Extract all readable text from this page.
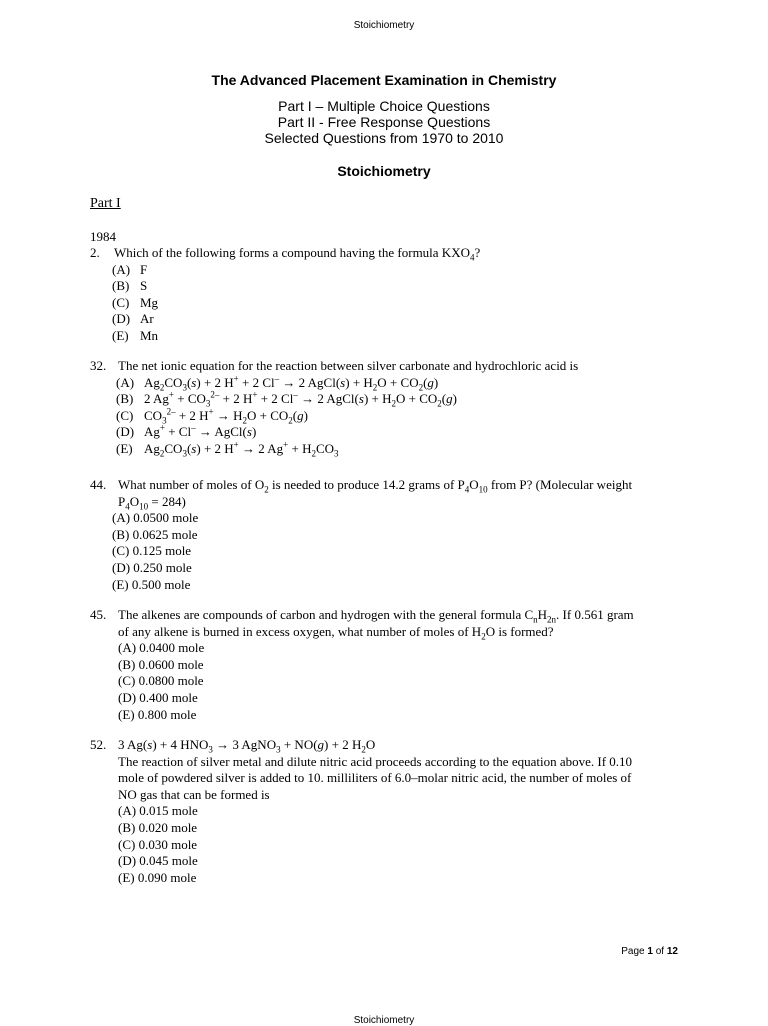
Stoichiometry
The Advanced Placement Examination in Chemistry
Part I – Multiple Choice Questions
Part II - Free Response Questions
Selected Questions from 1970 to 2010
Stoichiometry
Part I
1984
2. Which of the following forms a compound having the formula $KXO_4$?
(A) F
(B) S
(C) Mg
(D) Ar
(E) Mn
32. The net ionic equation for the reaction between silver carbonate and hydrochloric acid is
(A) $Ag_2CO_3(s) + 2$ H+ + 2 Cl– → 2 AgCl(s) + $H_2O + CO_2(g)$
(B) 2 $Ag^+ + CO_3^{2-} + 2$ H+ + 2 Cl– → 2 AgCl(s) + $H_2O + CO_2(g)$
(C) $CO_3^{2-} + 2$ $H^+ \to H_2O + CO_2(g)$
(D) Ag+ + Cl– → AgCl(s)
(E) $Ag_2CO_3(s) + 2$ H+ → 2 $Ag^+ + H_2CO_3$
44. What number of moles of $O_2$ is needed to produce 14.2 grams of $P_4O_{10}$ from P? (Molecular weight
$P_4O_{10} = 284$)
(A) 0.0500 mole
(B) 0.0625 mole
(C) 0.125 mole
(D) 0.250 mole
(E) 0.500 mole
45. The alkenes are compounds of carbon and hydrogen with the general formula $C_nH_{2n}$. If 0.561 gram
of any alkene is burned in excess oxygen, what number of moles of $H_2O$ is formed?
(A) 0.0400 mole
(B) 0.0600 mole
(C) 0.0800 mole
(D) 0.400 mole
(E) 0.800 mole
52. 3 Ag(s) + 4 $HNO_3 \to 3$ AgNO$_3$ + NO(g) + 2 $H_2O$
The reaction of silver metal and dilute nitric acid proceeds according to the equation above. If 0.10
mole of powdered silver is added to 10. milliliters of 6.0–molar nitric acid, the number of moles of
NO gas that can be formed is
(A) 0.015 mole
(B) 0.020 mole
(C) 0.030 mole
(D) 0.045 mole
(E) 0.090 mole
Page 1 of 12
Stoichiometry
